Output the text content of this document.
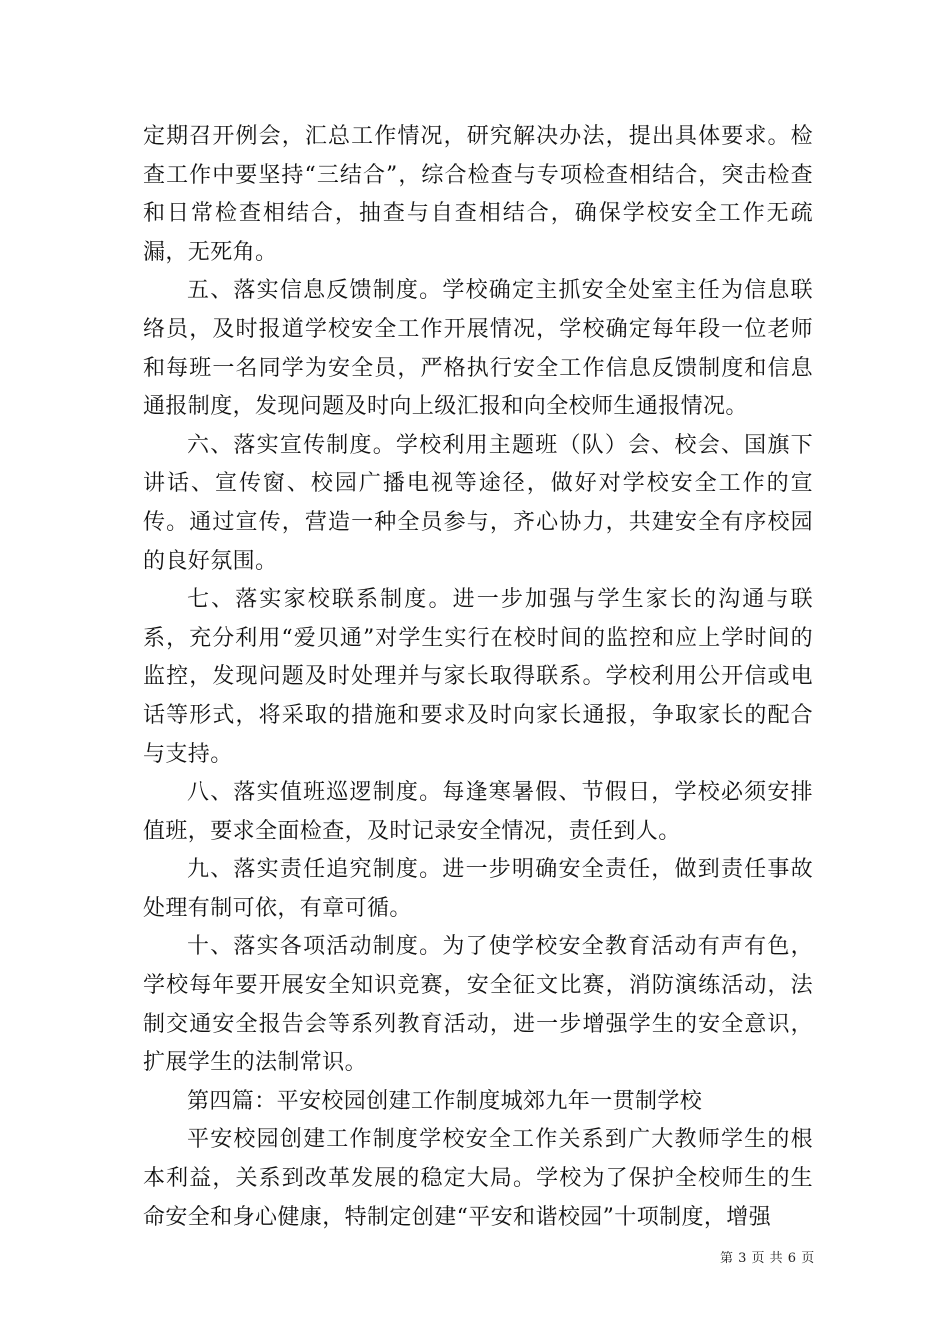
定期召开例会，汇总工作情况，研究解决办法，提出具体要求。检查工作中要坚持“三结合”，综合检查与专项检查相结合，突击检查和日常检查相结合，抽查与自查相结合，确保学校安全工作无疏漏，无死角。

五、落实信息反馈制度。学校确定主抓安全处室主任为信息联络员，及时报道学校安全工作开展情况，学校确定每年段一位老师和每班一名同学为安全员，严格执行安全工作信息反馈制度和信息通报制度，发现问题及时向上级汇报和向全校师生通报情况。

六、落实宣传制度。学校利用主题班（队）会、校会、国旗下讲话、宣传窗、校园广播电视等途径，做好对学校安全工作的宣传。通过宣传，营造一种全员参与，齐心协力，共建安全有序校园的良好氛围。

七、落实家校联系制度。进一步加强与学生家长的沟通与联系，充分利用“爱贝通”对学生实行在校时间的监控和应上学时间的监控，发现问题及时处理并与家长取得联系。学校利用公开信或电话等形式，将采取的措施和要求及时向家长通报，争取家长的配合与支持。

八、落实值班巡逻制度。每逢寒暑假、节假日，学校必须安排值班，要求全面检查，及时记录安全情况，责任到人。

九、落实责任追究制度。进一步明确安全责任，做到责任事故处理有制可依，有章可循。

十、落实各项活动制度。为了使学校安全教育活动有声有色，学校每年要开展安全知识竞赛，安全征文比赛，消防演练活动，法制交通安全报告会等系列教育活动，进一步增强学生的安全意识，扩展学生的法制常识。

第四篇：平安校园创建工作制度城郊九年一贯制学校

平安校园创建工作制度学校安全工作关系到广大教师学生的根本利益，关系到改革发展的稳定大局。学校为了保护全校师生的生命安全和身心健康，特制定创建“平安和谐校园”十项制度，增强

第 3 页 共 6 页
